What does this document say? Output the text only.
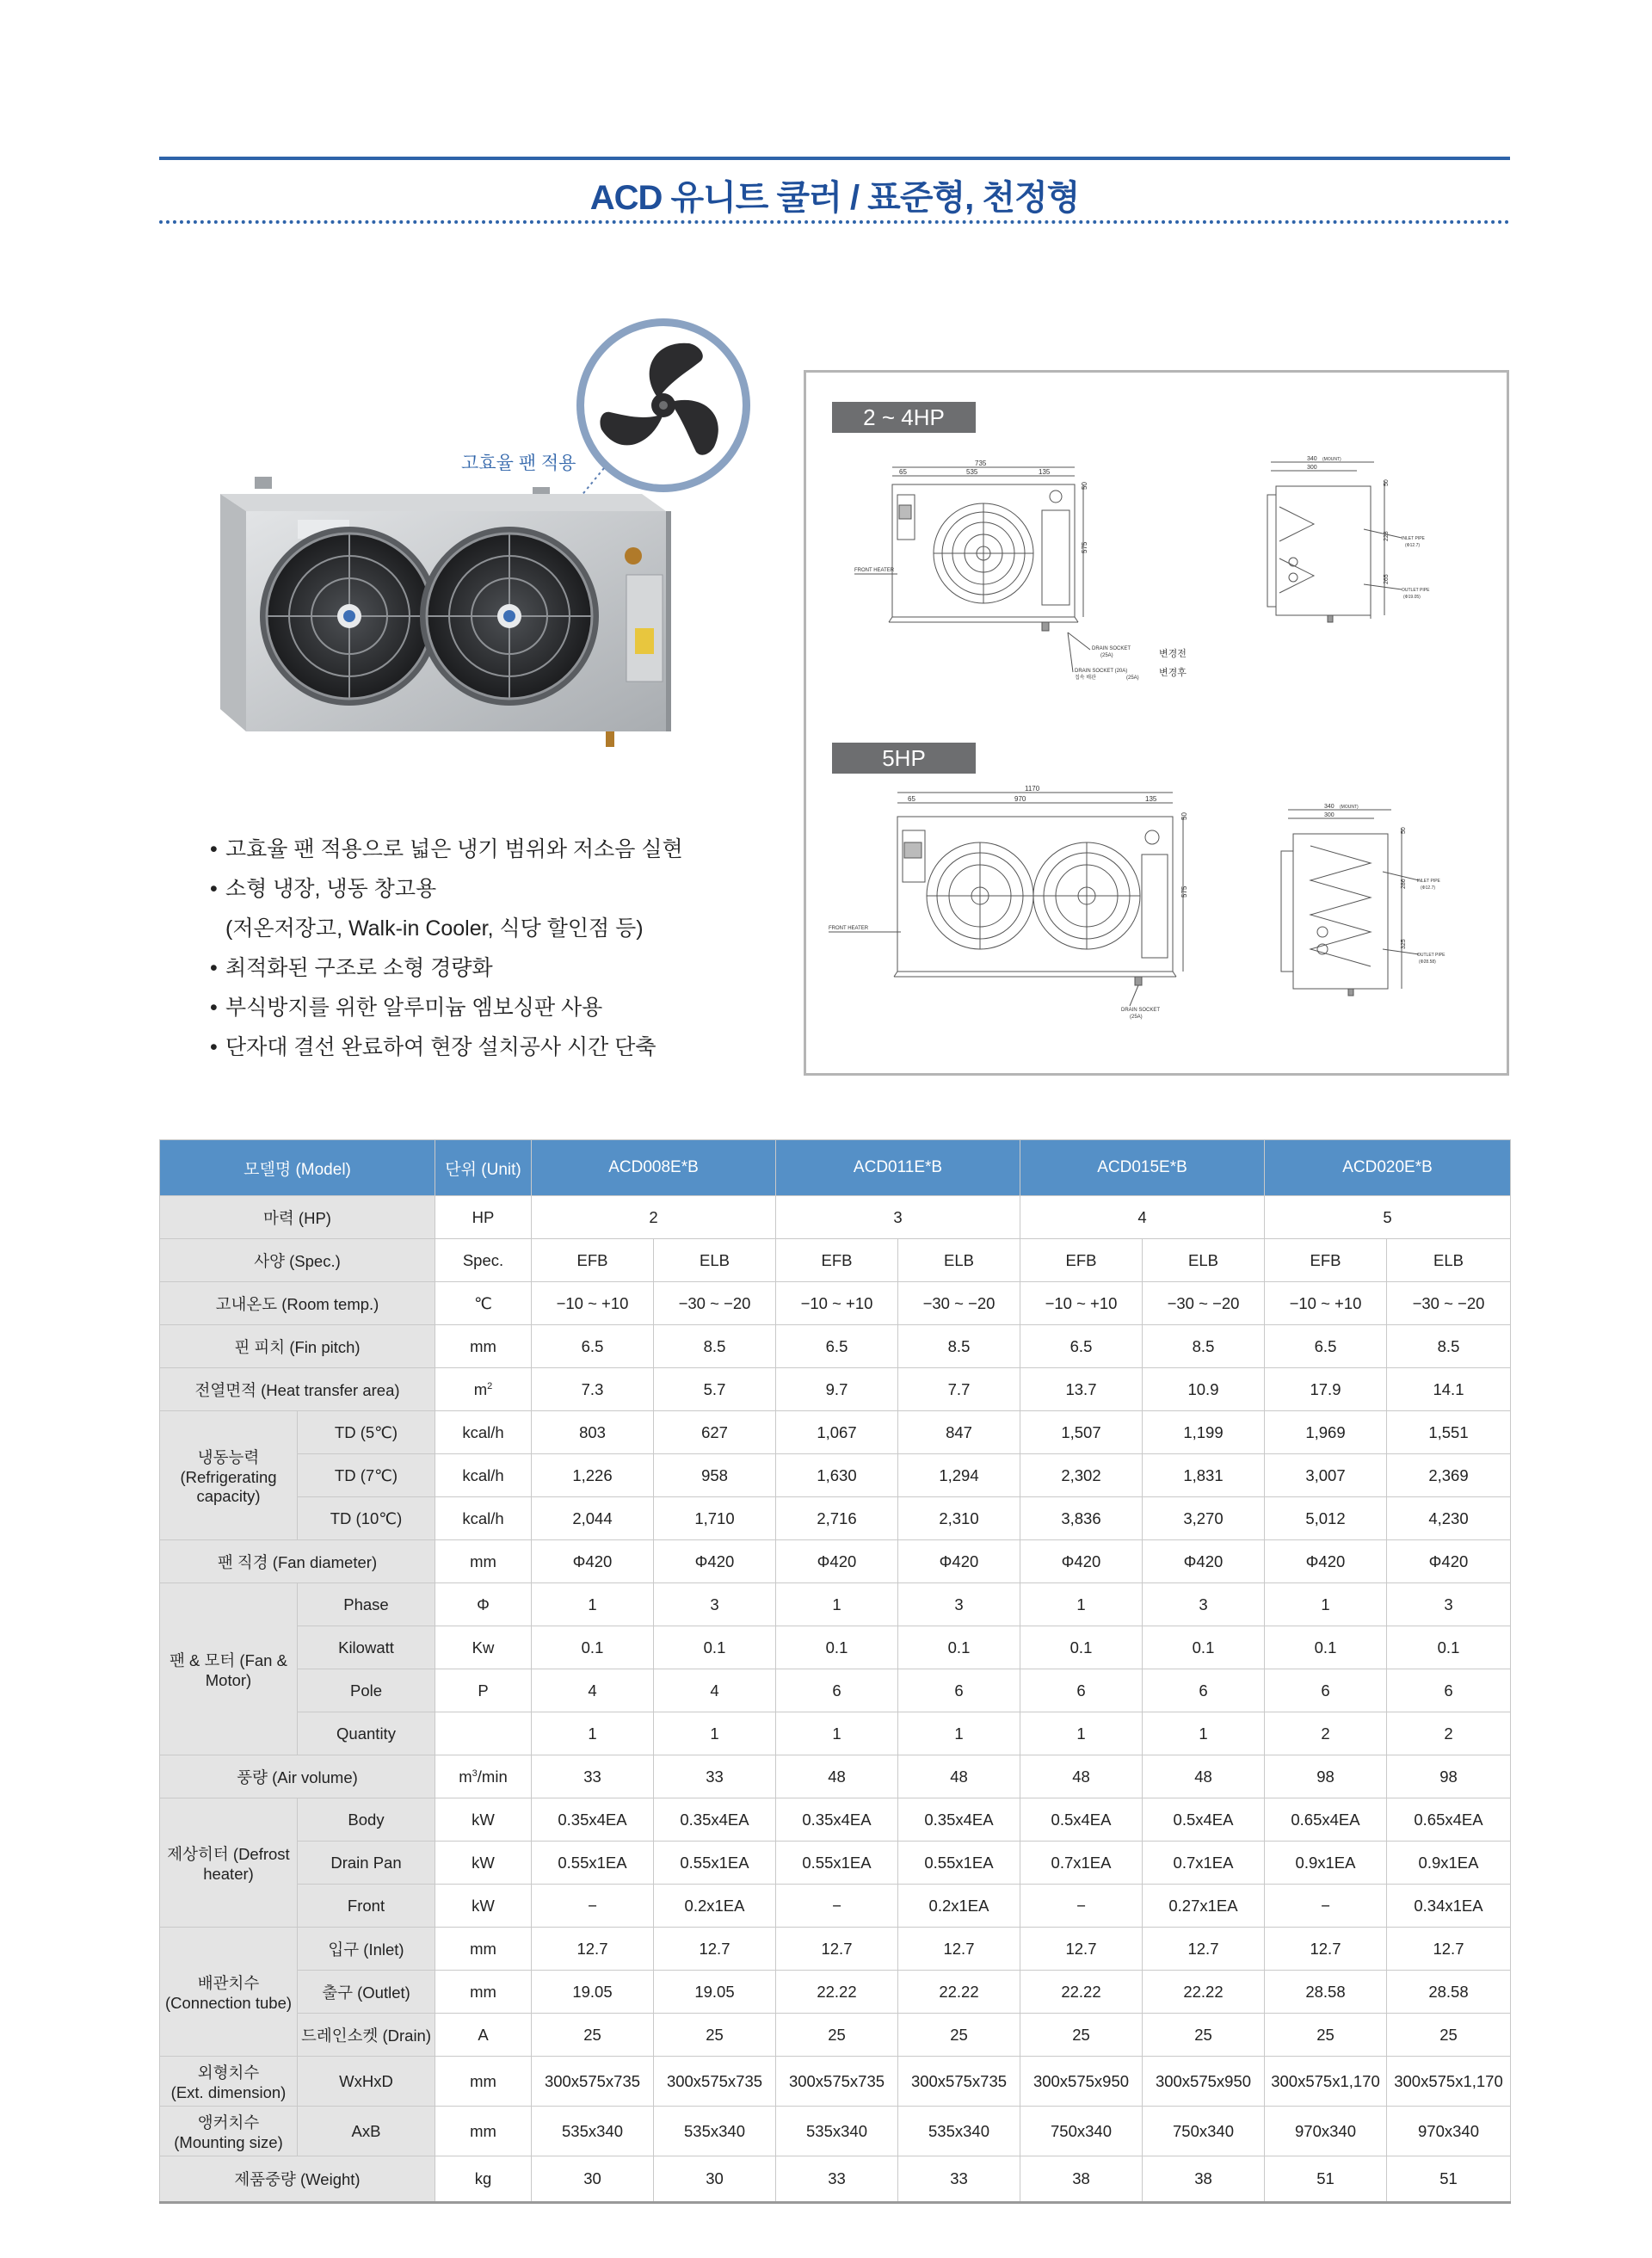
ACD 유니트 쿨러 / 표준형, 천정형
고효율 팬 적용
• 고효율 팬 적용으로 넓은 냉기 범위와 저소음 실현
• 소형 냉장, 냉동 창고용
(저온저장고, Walk-in Cooler, 식당 할인점 등)
• 최적화된 구조로 소형 경량화
• 부식방지를 위한 알루미늄 엠보싱판 사용
• 단자대 결선 완료하여 현장 설치공사 시간 단축
2 ~ 4HP
5HP
735
65	535	135
575
50
FRONT HEATER
DRAIN SOCKET
(25A)
DRAIN SOCKET (20A)
접속 배관	(25A)
변경전
변경후
340 (MOUNT)
300
50
228
265
INLET PIPE
(Φ12.7)
OUTLET PIPE
(Φ19.05)
1170
65	970	135
575
50
FRONT HEATER
DRAIN SOCKET
(25A)
340 (MOUNT)
300
50
286
325
INLET PIPE
(Φ12.7)
OUTLET PIPE
(Φ28.58)
모델명 (Model)		단위 (Unit)	ACD008E*B		ACD011E*B		ACD015E*B		ACD020E*B	
마력 (HP)		HP	2		3		4		5	
사양 (Spec.)		Spec.	EFB	ELB	EFB	ELB	EFB	ELB	EFB	ELB
고내온도 (Room temp.)		℃	−10 ~ +10	−30 ~ −20	−10 ~ +10	−30 ~ −20	−10 ~ +10	−30 ~ −20	−10 ~ +10	−30 ~ −20
핀 피치 (Fin pitch)		mm	6.5	8.5	6.5	8.5	6.5	8.5	6.5	8.5
전열면적 (Heat transfer area)		$m^2$	7.3	5.7	9.7	7.7	13.7	10.9	17.9	14.1
냉동능력 (Refrigerating capacity)	TD (5℃)	kcal/h	803	627	1,067	847	1,507	1,199	1,969	1,551
	TD (7℃)	kcal/h	1,226	958	1,630	1,294	2,302	1,831	3,007	2,369
	TD (10℃)	kcal/h	2,044	1,710	2,716	2,310	3,836	3,270	5,012	4,230
팬 직경 (Fan diameter)		mm	Φ420	Φ420	Φ420	Φ420	Φ420	Φ420	Φ420	Φ420
팬 & 모터 (Fan & Motor)	Phase	Φ	1	3	1	3	1	3	1	3
	Kilowatt	Kw	0.1	0.1	0.1	0.1	0.1	0.1	0.1	0.1
	Pole	P	4	4	6	6	6	6	6	6
	Quantity		1	1	1	1	1	1	2	2
풍량 (Air volume)		$m^3/\min$	33	33	48	48	48	48	98	98
제상히터 (Defrost heater)	Body	kW	0.35x4EA	0.35x4EA	0.35x4EA	0.35x4EA	0.5x4EA	0.5x4EA	0.65x4EA	0.65x4EA
	Drain Pan	kW	0.55x1EA	0.55x1EA	0.55x1EA	0.55x1EA	0.7x1EA	0.7x1EA	0.9x1EA	0.9x1EA
	Front	kW	−	0.2x1EA	−	0.2x1EA	−	0.27x1EA	−	0.34x1EA
배관치수 (Connection tube)	입구 (Inlet)	mm	12.7	12.7	12.7	12.7	12.7	12.7	12.7	12.7
	출구 (Outlet)	mm	19.05	19.05	22.22	22.22	22.22	22.22	28.58	28.58
	드레인소켓 (Drain)	A	25	25	25	25	25	25	25	25

외형치수
(Ext. dimension)	WxHxD	mm	300x575x735	300x575x735	300x575x735	300x575x735	300x575x950	300x575x950	300x575x1,170	300x575x1,170

앵커치수
(Mounting size)	AxB	mm	535x340	535x340	535x340	535x340	750x340	750x340	970x340	970x340
제품중량 (Weight)		kg	30	30	33	33	38	38	51	51
